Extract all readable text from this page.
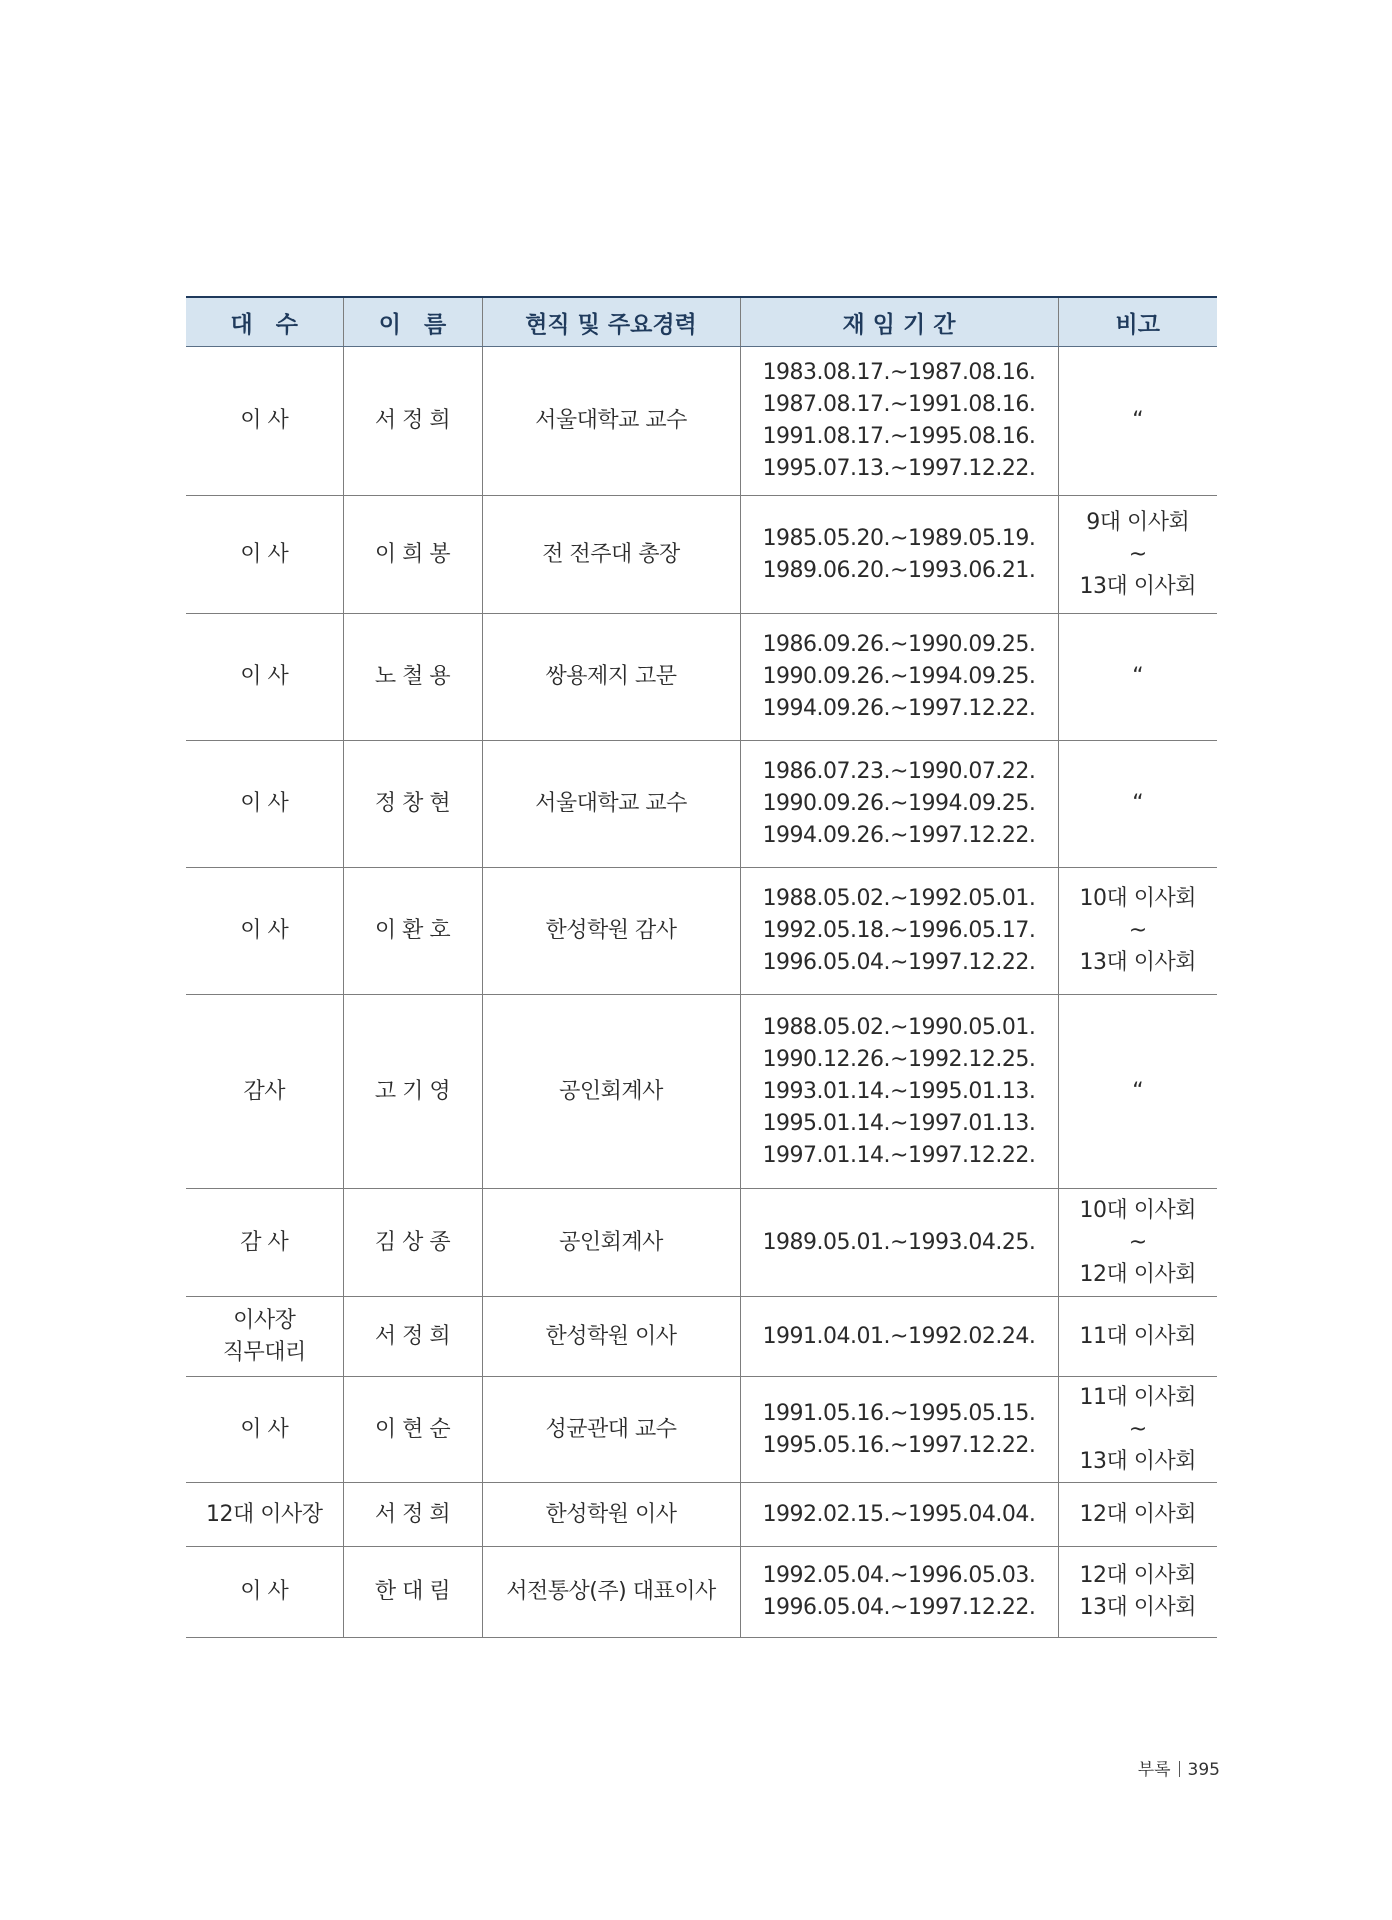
대　수	이　름	현직 및 주요경력	재 임 기 간	비고

이 사	서 정 희	서울대학교 교수	1983.08.17.~1987.08.16.
1987.08.17.~1991.08.16.
1991.08.17.~1995.08.16.
1995.07.13.~1997.12.22.	“

이 사	이 희 봉	전 전주대 총장	1985.05.20.~1989.05.19.
1989.06.20.~1993.06.21.	9대 이사회
~
13대 이사회

이 사	노 철 용	쌍용제지 고문	1986.09.26.~1990.09.25.
1990.09.26.~1994.09.25.
1994.09.26.~1997.12.22.	“

이 사	정 창 현	서울대학교 교수	1986.07.23.~1990.07.22.
1990.09.26.~1994.09.25.
1994.09.26.~1997.12.22.	“

이 사	이 환 호	한성학원 감사	1988.05.02.~1992.05.01.
1992.05.18.~1996.05.17.
1996.05.04.~1997.12.22.	10대 이사회
~
13대 이사회

감사	고 기 영	공인회계사	1988.05.02.~1990.05.01.
1990.12.26.~1992.12.25.
1993.01.14.~1995.01.13.
1995.01.14.~1997.01.13.
1997.01.14.~1997.12.22.	“

감 사	김 상 종	공인회계사	1989.05.01.~1993.04.25.	10대 이사회
~
12대 이사회

이사장
직무대리	서 정 희	한성학원 이사	1991.04.01.~1992.02.24.	11대 이사회

이 사	이 현 순	성균관대 교수	1991.05.16.~1995.05.15.
1995.05.16.~1997.12.22.	11대 이사회
~
13대 이사회

12대 이사장	서 정 희	한성학원 이사	1992.02.15.~1995.04.04.	12대 이사회

이 사	한 대 림	서전통상(주) 대표이사	1992.05.04.~1996.05.03.
1996.05.04.~1997.12.22.	12대 이사회
13대 이사회
부록 395
